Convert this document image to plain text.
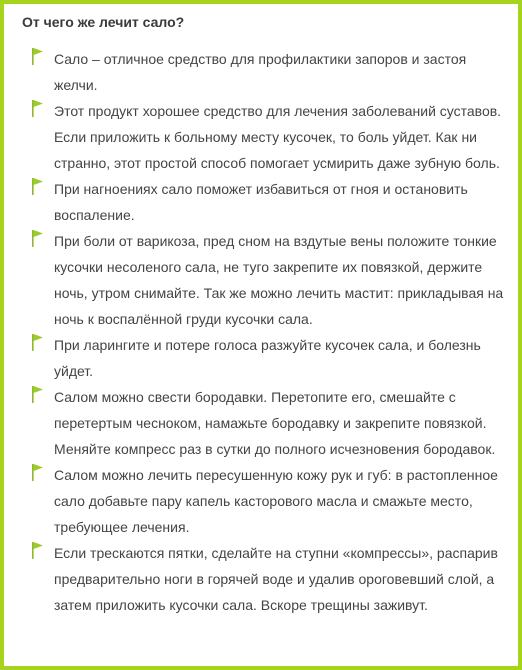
От чего же лечит сало?
Сало – отличное средство для профилактики запоров и застоя желчи.
Этот продукт хорошее средство для лечения заболеваний суставов. Если приложить к больному месту кусочек, то боль уйдет. Как ни странно, этот простой способ помогает усмирить даже зубную боль.
При нагноениях сало поможет избавиться от гноя и остановить воспаление.
При боли от варикоза, пред сном на вздутые вены положите тонкие кусочки несоленого сала, не туго закрепите их повязкой, держите ночь, утром снимайте. Так же можно лечить мастит: прикладывая на ночь к воспалённой груди кусочки сала.
При ларингите и потере голоса разжуйте кусочек сала, и болезнь уйдет.
Салом можно свести бородавки. Перетопите его, смешайте с перетертым чесноком, намажьте бородавку и закрепите повязкой. Меняйте компресс раз в сутки до полного исчезновения бородавок.
Салом можно лечить пересушенную кожу рук и губ: в растопленное сало добавьте пару капель касторового масла и смажьте место, требующее лечения.
Если трескаются пятки, сделайте на ступни «компрессы», распарив предварительно ноги в горячей воде и удалив ороговевший слой, а затем приложить кусочки сала. Вскоре трещины заживут.
